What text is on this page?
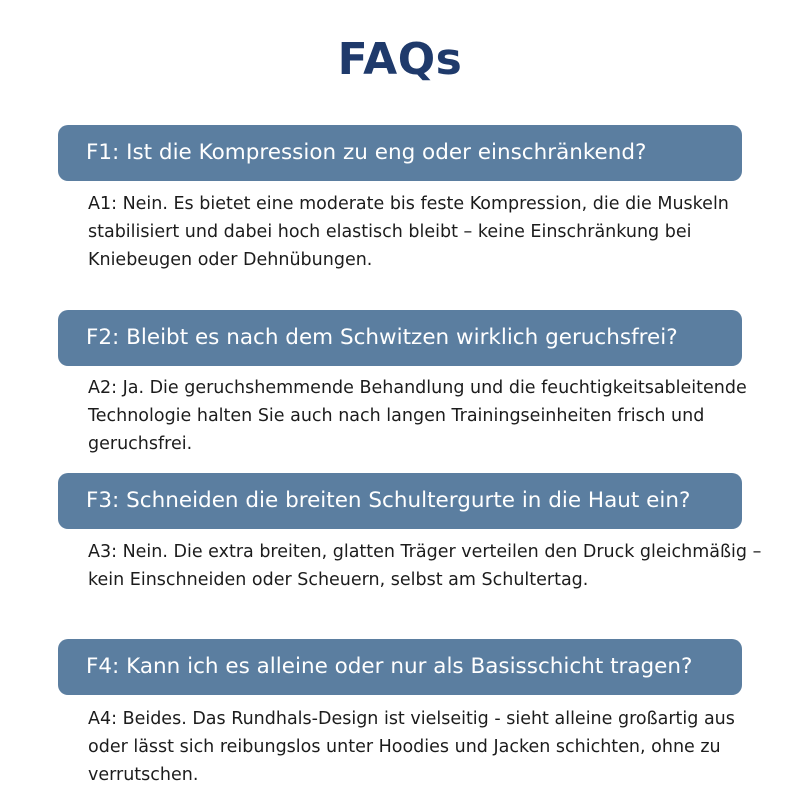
FAQs
F1: Ist die Kompression zu eng oder einschränkend?
A1: Nein. Es bietet eine moderate bis feste Kompression, die die Muskeln stabilisiert und dabei hoch elastisch bleibt – keine Einschränkung bei Kniebeugen oder Dehnübungen.
F2: Bleibt es nach dem Schwitzen wirklich geruchsfrei?
A2: Ja. Die geruchshemmende Behandlung und die feuchtigkeitsableitende Technologie halten Sie auch nach langen Trainingseinheiten frisch und geruchsfrei.
F3: Schneiden die breiten Schultergurte in die Haut ein?
A3: Nein. Die extra breiten, glatten Träger verteilen den Druck gleichmäßig – kein Einschneiden oder Scheuern, selbst am Schultertag.
F4: Kann ich es alleine oder nur als Basisschicht tragen?
A4: Beides. Das Rundhals-Design ist vielseitig - sieht alleine großartig aus oder lässt sich reibungslos unter Hoodies und Jacken schichten, ohne zu verrutschen.
